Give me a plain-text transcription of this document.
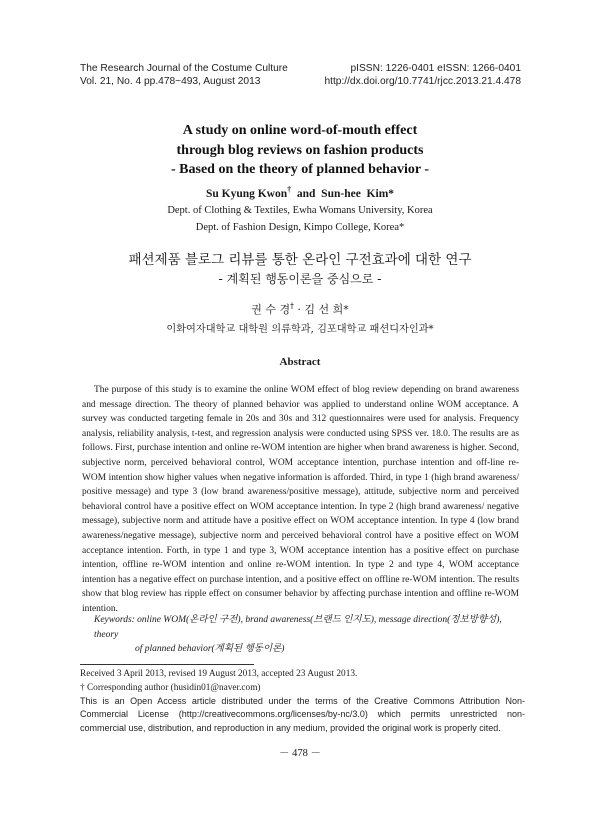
The Research Journal of the Costume Culture
Vol. 21, No. 4 pp.478~493, August 2013
pISSN: 1226-0401 eISSN: 1266-0401
http://dx.doi.org/10.7741/rjcc.2013.21.4.478
A study on online word-of-mouth effect
through blog reviews on fashion products
- Based on the theory of planned behavior -
Su Kyung Kwon†  and  Sun-hee  Kim*
Dept. of Clothing & Textiles, Ewha Womans University, Korea
Dept. of Fashion Design, Kimpo College, Korea*
패션제품 블로그 리뷰를 통한 온라인 구전효과에 대한 연구
- 계획된 행동이론을 중심으로 -
권 수 경† · 김 선 희*
이화여자대학교 대학원 의류학과, 김포대학교 패션디자인과*
Abstract

The purpose of this study is to examine the online WOM effect of blog review depending on brand awareness and message direction. The theory of planned behavior was applied to understand online WOM acceptance. A survey was conducted targeting female in 20s and 30s and 312 questionnaires were used for analysis. Frequency analysis, reliability analysis, t-test, and regression analysis were conducted using SPSS ver. 18.0. The results are as follows. First, purchase intention and online re-WOM intention are higher when brand awareness is higher. Second, subjective norm, perceived behavioral control, WOM acceptance intention, purchase intention and off-line re-WOM intention show higher values when negative information is afforded. Third, in type 1 (high brand awareness/ positive message) and type 3 (low brand awareness/positive message), attitude, subjective norm and perceived behavioral control have a positive effect on WOM acceptance intention. In type 2 (high brand awareness/ negative message), subjective norm and attitude have a positive effect on WOM acceptance intention. In type 4 (low brand awareness/negative message), subjective norm and perceived behavioral control have a positive effect on WOM acceptance intention. Forth, in type 1 and type 3, WOM acceptance intention has a positive effect on purchase intention, offline re-WOM intention and online re-WOM intention. In type 2 and type 4, WOM acceptance intention has a negative effect on purchase intention, and a positive effect on offline re-WOM intention. The results show that blog review has ripple effect on consumer behavior by affecting purchase intention and offline re-WOM intention.

Keywords: online WOM(온라인 구전), brand awareness(브랜드 인지도), message direction(정보방향성), theory
of planned behavior(계획된 행동이론)

Received 3 April 2013, revised 19 August 2013, accepted 23 August 2013.
† Corresponding author (husidin01@naver.com)
This is an Open Access article distributed under the terms of the Creative Commons Attribution Non-Commercial License (http://creativecommons.org/licenses/by-nc/3.0) which permits unrestricted non-commercial use, distribution, and reproduction in any medium, provided the original work is properly cited.
－ 478 －
